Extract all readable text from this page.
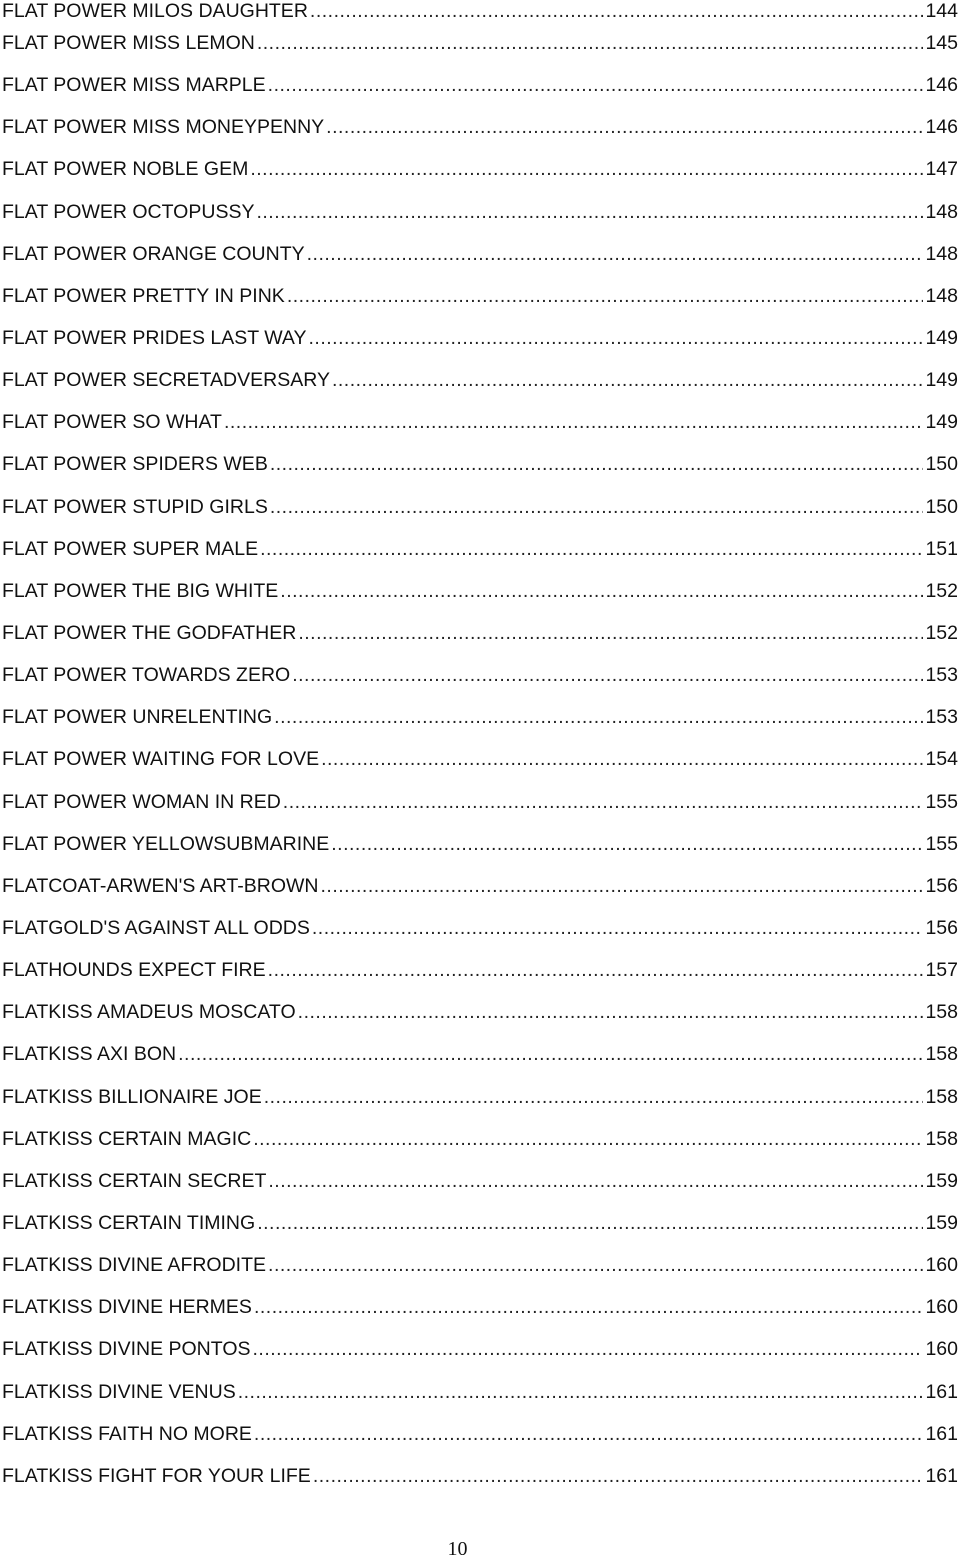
FLAT POWER MILOS DAUGHTER .....	144
FLAT POWER MISS LEMON .....	145
FLAT POWER MISS MARPLE .....	146
FLAT POWER MISS MONEYPENNY .....	146
FLAT POWER NOBLE GEM .....	147
FLAT POWER OCTOPUSSY .....	148
FLAT POWER ORANGE COUNTY .....	148
FLAT POWER PRETTY IN PINK .....	148
FLAT POWER PRIDES LAST WAY .....	149
FLAT POWER SECRETADVERSARY .....	149
FLAT POWER SO WHAT .....	149
FLAT POWER SPIDERS WEB .....	150
FLAT POWER STUPID GIRLS .....	150
FLAT POWER SUPER MALE .....	151
FLAT POWER THE BIG WHITE .....	152
FLAT POWER THE GODFATHER .....	152
FLAT POWER TOWARDS ZERO .....	153
FLAT POWER UNRELENTING .....	153
FLAT POWER WAITING FOR LOVE .....	154
FLAT POWER WOMAN IN RED .....	155
FLAT POWER YELLOWSUBMARINE .....	155
FLATCOAT-ARWEN'S ART-BROWN .....	156
FLATGOLD'S AGAINST ALL ODDS .....	156
FLATHOUNDS EXPECT FIRE .....	157
FLATKISS AMADEUS MOSCATO .....	158
FLATKISS AXI BON .....	158
FLATKISS BILLIONAIRE JOE .....	158
FLATKISS CERTAIN MAGIC .....	158
FLATKISS CERTAIN SECRET .....	159
FLATKISS CERTAIN TIMING .....	159
FLATKISS DIVINE AFRODITE .....	160
FLATKISS DIVINE HERMES .....	160
FLATKISS DIVINE PONTOS .....	160
FLATKISS DIVINE VENUS .....	161
FLATKISS FAITH NO MORE .....	161
FLATKISS FIGHT FOR YOUR LIFE .....	161
10
